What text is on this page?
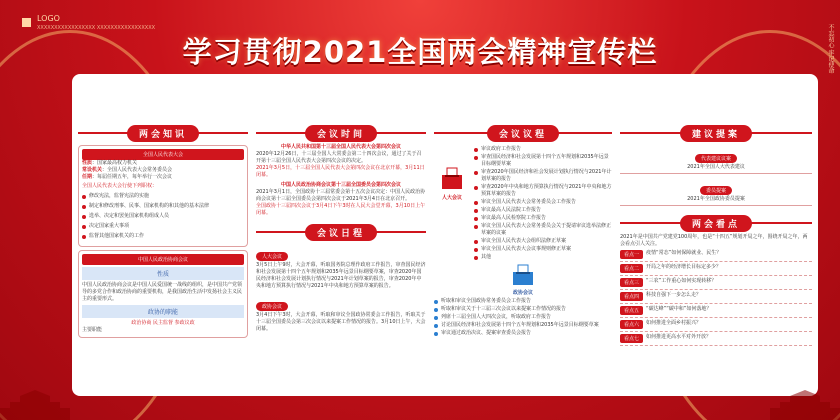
LOGO
XXXXXXXXXXXXXXXXX XXXXXXXXXXXXXXXXX	不忘初心 牢记使命
学习贯彻2021全国两会精神宣传栏
两会知识
全国人民代表大会
性质：国家最高权力机关
常设机关：全国人民代表大会常务委员会
任期：每届任期五年，每年举行一次会议
全国人民代表大会行使下列职权：
修改宪法，监督宪法的实施
制定和修改刑事、民事、国家机构的和其他的基本法律
选举、决定和罢免国家机构组成人员
决定国家重大事项
监督其他国家机关的工作
中国人民政治协商会议
性质
中国人民政治协商会议是中国人民爱国统一战线的组织，是中国共产党领导的多党合作和政治协商的重要机构，是我国政治生活中发扬社会主义民主的重要形式。
政协的职能
政治协商 民主监督 参政议政
主要职能
会议时间
中华人民共和国第十三届全国人民代表大会第四次会议
2020年12月26日，十三届全国人大常委会第二十四次会议，通过了关于召开第十三届全国人民代表大会第四次会议的决定。
2021年3月5日，十三届全国人民代表大会第四次会议在北京开幕，3月11日闭幕。
中国人民政治协商会议第十三届全国委员会第四次会议
2021年3月1日，全国政协十三届常委会第十五次会议决定：中国人民政治协商会议第十三届全国委员会第四次会议于2021年3月4日在北京召开。
全国政协十三届四次会议于3月4日下午3时在人民大会堂开幕，3月10日上午闭幕。
会议日程
人大会议
3月5日上午9时，大会开幕，听取国务院总理作政府工作报告，审查国民经济和社会发展第十四个五年规划和2035年远景目标纲要草案，审查2020年国民经济和社会发展计划执行情况与2021年计划草案的报告，审查2020年中央和地方预算执行情况与2021年中央和地方预算草案的报告。
政协会议
3月4日下午3时，大会开幕，听取和审议全国政协常委会工作报告，听取关于十三届全国委员会第三次会议以来提案工作情况的报告。3月10日上午，大会闭幕。
会议议程
人大会议
审议政府工作报告
审查国民经济和社会发展第十四个五年规划和2035年远景目标纲要草案
审查2020年国民经济和社会发展计划执行情况与2021年计划草案的报告
审查2020年中央和地方预算执行情况与2021年中央和地方预算草案的报告
审议全国人民代表大会常务委员会工作报告
审议最高人民法院工作报告
审议最高人民检察院工作报告
审议全国人民代表大会常务委员会关于提请审议选举法修正草案的议案
审议全国人民代表大会组织法修正草案
审议全国人民代表大会议事规则修正草案
其他
政协会议
听取和审议全国政协常务委员会工作报告
听取和审议关于十三届三次会议以来提案工作情况的报告
列席十三届全国人大四次会议，听取政府工作报告
讨论国民经济和社会发展第十四个五年规划和2035年远景目标纲要草案
审议通过政治决议、提案审查委员会报告
建议提案
代表建议议案
2021年全国人大代表建议
委员提案
2021年全国政协委员提案
两会看点
2021年是中国共产党建党100周年，也是“十四五”规划开局之年，围绕开局之年，两会看点引人关注。
看点一	疫情“常态”如何保障就业、民生？
看点二	开局之年的经济增长目标定多少？
看点三	“三农”工作重心如何实现转移？
看点四	科技自强下一步怎么走？
看点五	“碳达峰”“碳中和”如何落地？
看点六	如何推进全面乡村振兴？
看点七	如何推进更高水平对外开放？
